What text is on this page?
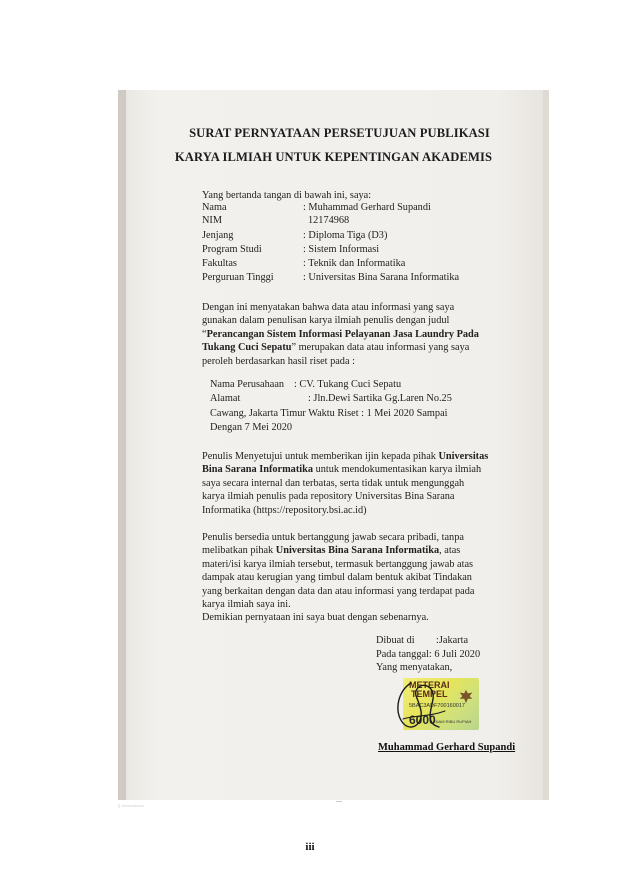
SURAT PERNYATAAN PERSETUJUAN PUBLIKASI
KARYA ILMIAH UNTUK KEPENTINGAN AKADEMIS
Yang bertanda tangan di bawah ini, saya:
Nama	: Muhammad Gerhard Supandi
NIM	12174968
Jenjang	: Diploma Tiga (D3)
Program Studi	: Sistem Informasi
Fakultas	: Teknik dan Informatika
Perguruan Tinggi	: Universitas Bina Sarana Informatika
Dengan ini menyatakan bahwa data atau informasi yang saya
gunakan dalam penulisan karya ilmiah penulis dengan judul
“Perancangan Sistem Informasi Pelayanan Jasa Laundry Pada
Tukang Cuci Sepatu” merupakan data atau informasi yang saya
peroleh berdasarkan hasil riset pada :
Nama Perusahaan : CV. Tukang Cuci Sepatu
Alamat	: Jln.Dewi Sartika Gg.Laren No.25
Cawang, Jakarta Timur Waktu Riset : 1 Mei 2020 Sampai
Dengan 7 Mei 2020
Penulis Menyetujui untuk memberikan ijin kepada pihak Universitas
Bina Sarana Informatika untuk mendokumentasikan karya ilmiah
saya secara internal dan terbatas, serta tidak untuk mengunggah
karya ilmiah penulis pada repository Universitas Bina Sarana
Informatika (https://repository.bsi.ac.id)
Penulis bersedia untuk bertanggung jawab secara pribadi, tanpa
melibatkan pihak Universitas Bina Sarana Informatika, atas
materi/isi karya ilmiah tersebut, termasuk bertanggung jawab atas
dampak atau kerugian yang timbul dalam bentuk akibat Tindakan
yang berkaitan dengan data dan atau informasi yang terdapat pada
karya ilmiah saya ini.
Demikian pernyataan ini saya buat dengan sebenarnya.
Dibuat di :Jakarta
Pada tanggal: 6 Juli 2020
Yang menyatakan,
METERAI
TEMPEL
5BAC3ADF700160017
6000
ENAM RIBU RUPIAH
Muhammad Gerhard Supandi
▯ ▭▭▭▭▭▭
...
iii
